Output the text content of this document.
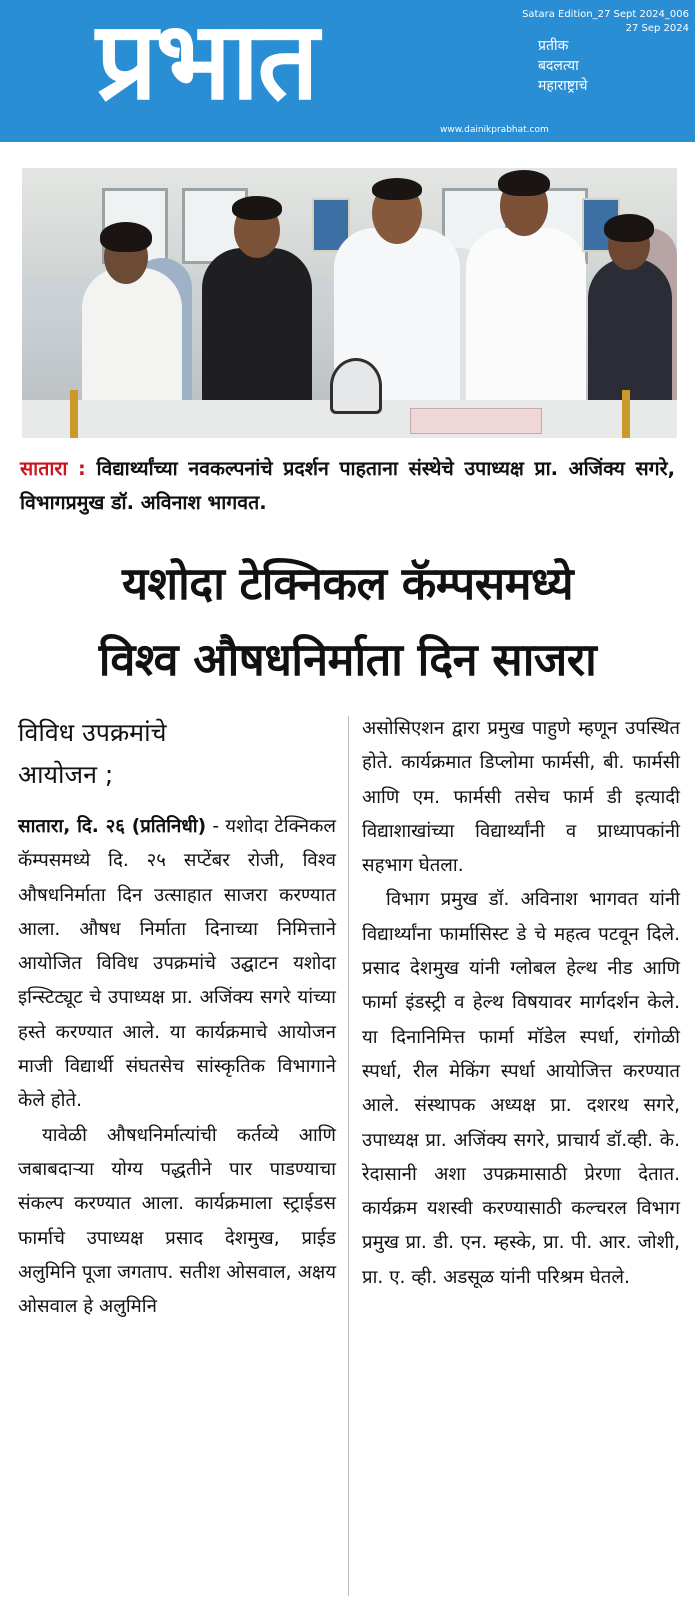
प्रभात	प्रतीक
बदलत्या
महाराष्ट्राचे
Satara Edition_27 Sept 2024_006
27 Sep 2024
www.dainikprabhat.com
सातारा : विद्यार्थ्यांच्या नवकल्पनांचे प्रदर्शन पाहताना संस्थेचे उपाध्यक्ष प्रा. अजिंक्य सगरे, विभागप्रमुख डॉ. अविनाश भागवत.
यशोदा टेक्निकल कॅम्पसमध्ये
विश्व औषधनिर्माता दिन साजरा
विविध उपक्रमांचे
आयोजन ;
सातारा, दि. २६ (प्रतिनिधी) - यशोदा टेक्निकल कॅम्पसमध्ये दि. २५ सप्टेंबर रोजी, विश्व औषधनिर्माता दिन उत्साहात साजरा करण्यात आला. औषध निर्माता दिनाच्या निमित्ताने आयोजित विविध उपक्रमांचे उद्घाटन यशोदा इन्स्टिट्यूट चे उपाध्यक्ष प्रा. अजिंक्य सगरे यांच्या हस्ते करण्यात आले. या कार्यक्रमाचे आयोजन माजी विद्यार्थी संघतसेच सांस्कृतिक विभागाने केले होते.
यावेळी औषधनिर्मात्यांची कर्तव्ये आणि जबाबदाऱ्या योग्य पद्धतीने पार पाडण्याचा संकल्प करण्यात आला. कार्यक्रमाला स्ट्राईडस फार्माचे उपाध्यक्ष प्रसाद देशमुख, प्राईड अलुमिनि पूजा जगताप. सतीश ओसवाल, अक्षय ओसवाल हे अलुमिनि
असोसिएशन द्वारा प्रमुख पाहुणे म्हणून उपस्थित होते. कार्यक्रमात डिप्लोमा फार्मसी, बी. फार्मसी आणि एम. फार्मसी तसेच फार्म डी इत्यादी विद्याशाखांच्या विद्यार्थ्यांनी व प्राध्यापकांनी सहभाग घेतला.
विभाग प्रमुख डॉ. अविनाश भागवत यांनी विद्यार्थ्यांना फार्मासिस्ट डे चे महत्व पटवून दिले. प्रसाद देशमुख यांनी ग्लोबल हेल्थ नीड आणि फार्मा इंडस्ट्री व हेल्थ विषयावर मार्गदर्शन केले. या दिनानिमित्त फार्मा मॉडेल स्पर्धा, रांगोळी स्पर्धा, रील मेकिंग स्पर्धा आयोजित्त करण्यात आले. संस्थापक अध्यक्ष प्रा. दशरथ सगरे, उपाध्यक्ष प्रा. अजिंक्य सगरे, प्राचार्य डॉ.व्ही. के. रेदासानी अशा उपक्रमासाठी प्रेरणा देतात. कार्यक्रम यशस्वी करण्यासाठी कल्चरल विभाग प्रमुख प्रा. डी. एन. म्हस्के, प्रा. पी. आर. जोशी, प्रा. ए. व्ही. अडसूळ यांनी परिश्रम घेतले.
